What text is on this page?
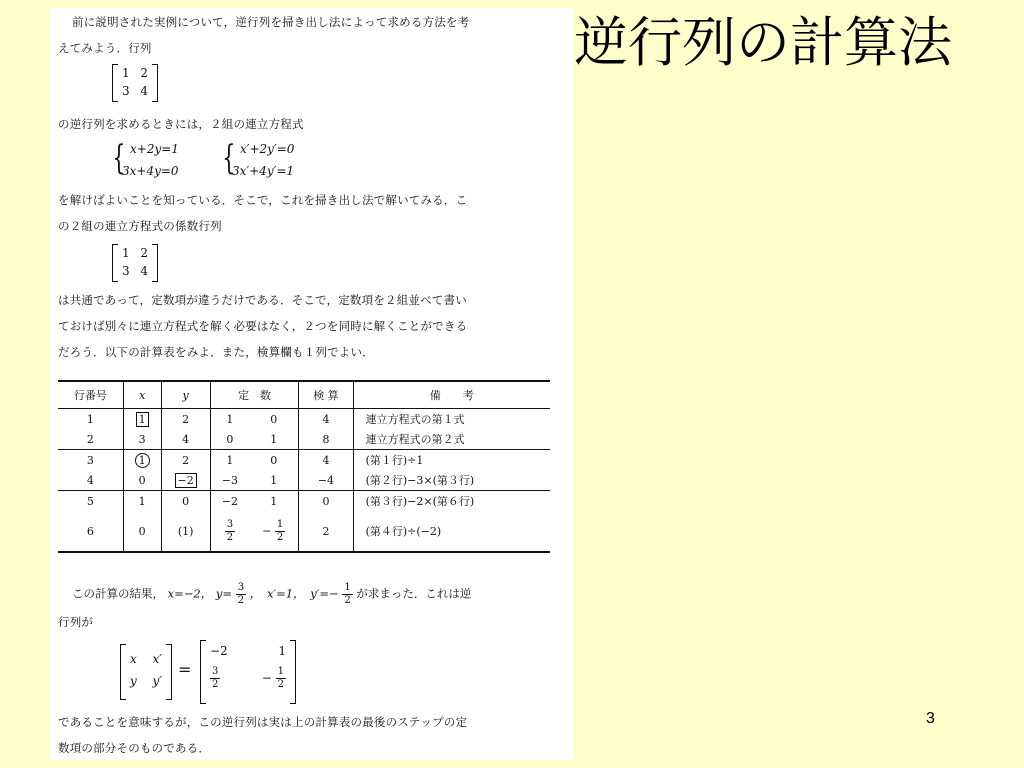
逆行列の計算法
前に説明された実例について，逆行列を掃き出し法によって求める方法を考
えてみよう．行列
1 2
3 4
の逆行列を求めるときには，２組の連立方程式
{ x+2y=1
3x+4y=0 { x′+2y′=0
3x′+4y′=1
を解けばよいことを知っている．そこで，これを掃き出し法で解いてみる．こ
の２組の連立方程式の係数行列
1 2
3 4
は共通であって，定数項が違うだけである．そこで，定数項を２組並べて書い
ておけば別々に連立方程式を解く必要はなく，２つを同時に解くことができる
だろう．以下の計算表をみよ．また，検算欄も１列でよい．
行番号	x	y	定　数		検 算	備　　考
1	1	2	1	0	4	連立方程式の第１式
2	3	4	0	1	8	連立方程式の第２式
3	1	2	1	0	4	(第１行)÷1
4	0	−2	−3	1	−4	(第２行)−3×(第３行)
5	1	0	−2	1	0	(第３行)−2×(第６行)
6	0	(1)	$\frac{3}{2}$	− $\frac{1}{2}$	2	(第４行)÷(−2)
この計算の結果， x=−2， $y= \frac{3}{2}$ ，　x′=1，　$y'=- \frac{1}{2}$ が求まった．これは逆
行列が
x x′
y y′
=
−2	1
$\frac{3}{2}$	− $\frac{1}{2}$
であることを意味するが，この逆行列は実は上の計算表の最後のステップの定
数項の部分そのものである．
3
